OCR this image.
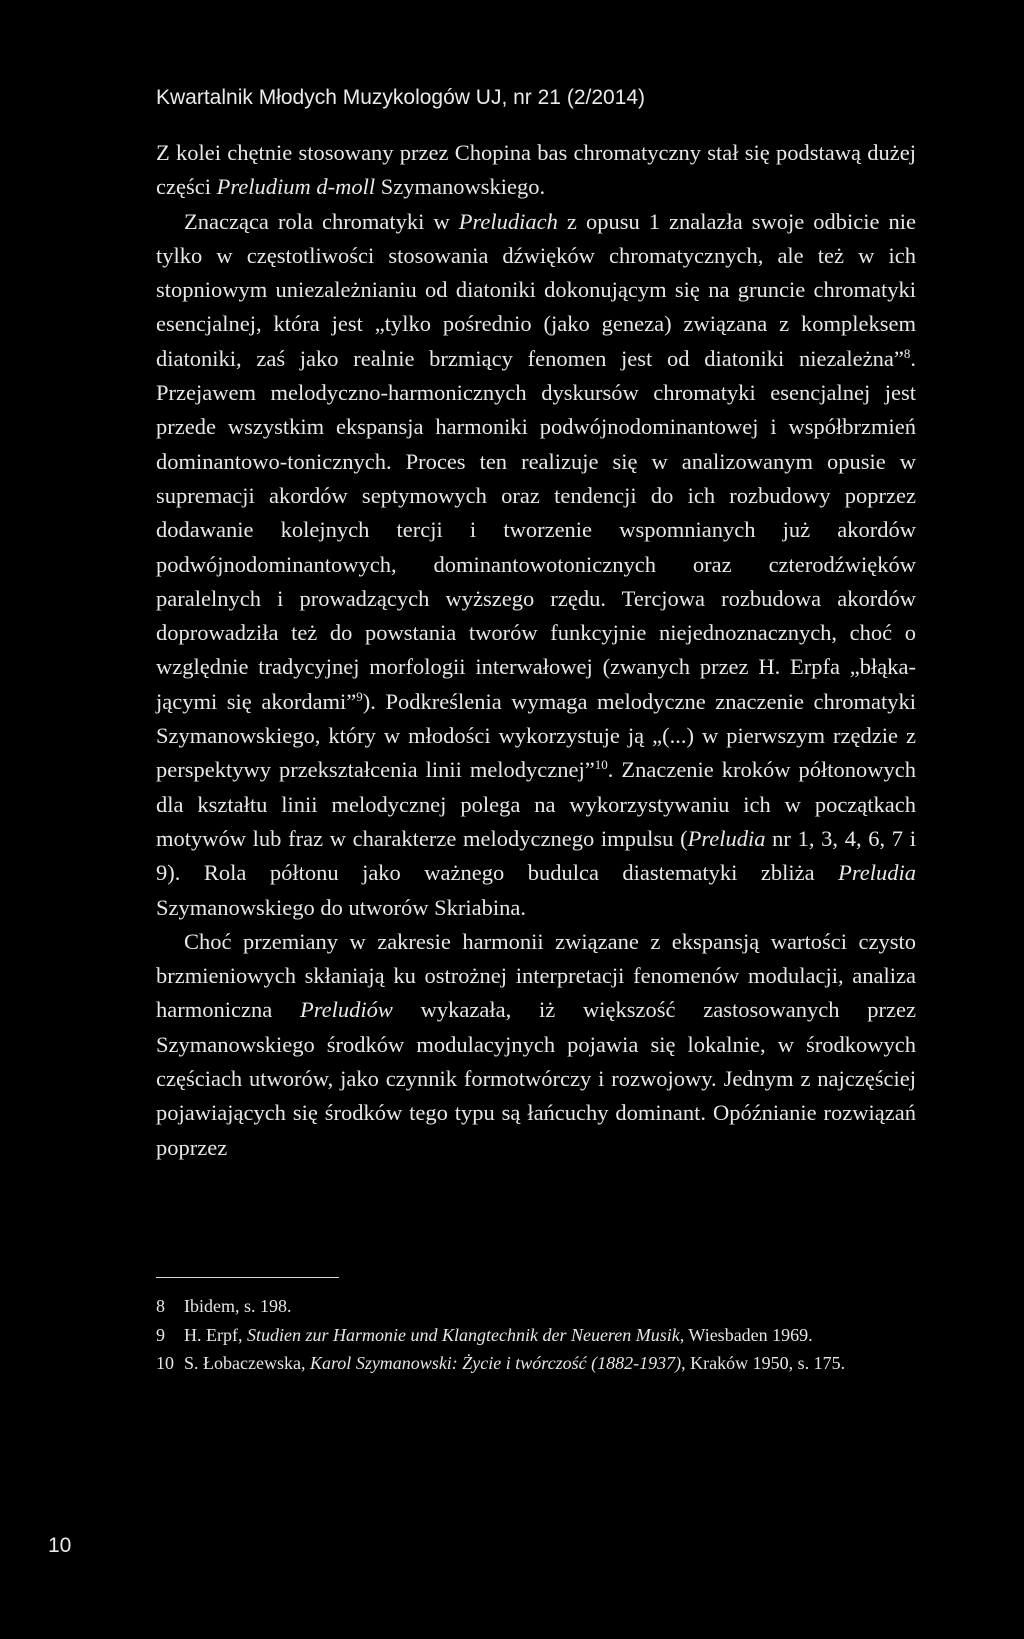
Kwartalnik Młodych Muzykologów UJ, nr 21 (2/2014)

Z kolei chętnie stosowany przez Chopina bas chromatyczny stał się podstawą dużej części Preludium d-moll Szymanowskiego.

Znacząca rola chromatyki w Preludiach z opusu 1 znalazła swoje odbicie nie tylko w częstotliwości stosowania dźwięków chromatycznych, ale też w ich stopniowym uniezależnianiu od diatoniki dokonującym się na gruncie chromatyki esencjalnej, która jest „tylko pośrednio (jako geneza) związana z kompleksem diatoniki, zaś jako realnie brzmiący fenomen jest od diatoniki niezależna”$^8$. Przejawem melodyczno-harmonicznych dyskursów chromatyki esencjalnej jest przede wszystkim ekspansja harmoniki podwójnodominantowej i współbrzmień dominantowo-tonicznych. Proces ten realizuje się w analizowanym opusie w supremacji akordów septymowych oraz tendencji do ich rozbudowy poprzez dodawanie kolejnych tercji i tworzenie wspomnianych już akordów podwójnodominantowych, dominantowotonicznych oraz czterodźwięków paralelnych i prowadzących wyższego rzędu. Tercjowa rozbudowa akordów doprowadziła też do powstania tworów funkcyjnie niejednoznacznych, choć o względnie tradycyjnej morfologii interwałowej (zwanych przez H. Erpfa „błąkającymi się akordami”$^9$). Podkreślenia wymaga melodyczne znaczenie chromatyki Szymanowskiego, który w młodości wykorzystuje ją „(...) w pierwszym rzędzie z perspektywy przekształcenia linii melodycznej”$^{10}$. Znaczenie kroków półtonowych dla kształtu linii melodycznej polega na wykorzystywaniu ich w początkach motywów lub fraz w charakterze melodycznego impulsu (Preludia nr 1, 3, 4, 6, 7 i 9). Rola półtonu jako ważnego budulca diastematyki zbliża Preludia Szymanowskiego do utworów Skriabina.

Choć przemiany w zakresie harmonii związane z ekspansją wartości czysto brzmieniowych skłaniają ku ostrożnej interpretacji fenomenów modulacji, analiza harmoniczna Preludiów wykazała, iż większość zastosowanych przez Szymanowskiego środków modulacyjnych pojawia się lokalnie, w środkowych częściach utworów, jako czynnik formotwórczy i rozwojowy. Jednym z najczęściej pojawiających się środków tego typu są łańcuchy dominant. Opóźnianie rozwiązań poprzez

8 Ibidem, s. 198.
9 H. Erpf, Studien zur Harmonie und Klangtechnik der Neueren Musik, Wiesbaden 1969.
10 S. Łobaczewska, Karol Szymanowski: Życie i twórczość (1882-1937), Kraków 1950, s. 175.
10
